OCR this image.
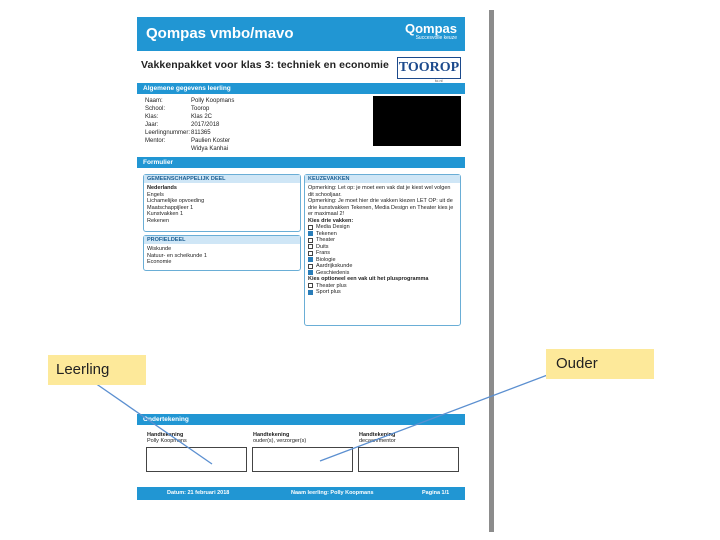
Qompas vmbo/mavo	Qompas
Succesvolle keuze
Vakkenpakket voor klas 3: techniek en economie TOOROP
to.nl
Algemene gegevens leerling
Naam:	Polly Koopmans
School:	Toorop
Klas:	Klas 2C
Jaar:	2017/2018
Leerlingnummer: 811365
Mentor:	Paulien Koster
Widya Kanhai
Formulier
GEMEENSCHAPPELIJK DEEL
Nederlands
Engels
Lichamelijke opvoeding
Maatschappijleer 1
Kunstvakken 1
Rekenen
PROFIELDEEL
Wiskunde
Natuur- en scheikunde 1
Economie
KEUZEVAKKEN
Opmerking: Let op: je moet een vak dat je kiest wel volgen dit schooljaar.
Opmerking: Je moet hier drie vakken kiezen LET OP: uit de drie kunstvakken Tekenen, Media Design en Theater kies je er maximaal 2!
Kies drie vakken:
Media Design
Tekenen
Theater
Duits
Frans
Biologie
Aardrijkskunde
Geschiedenis
Kies optioneel een vak uit het plusprogramma
Theater plus
Sport plus
Ondertekening
Handtekening
Polly Koopmans
Handtekening
ouder(s), verzorger(s)
Handtekening
decaan/mentor
Datum: 21 februari 2018	Naam leerling: Polly Koopmans	Pagina 1/1
Leerling	Ouder
